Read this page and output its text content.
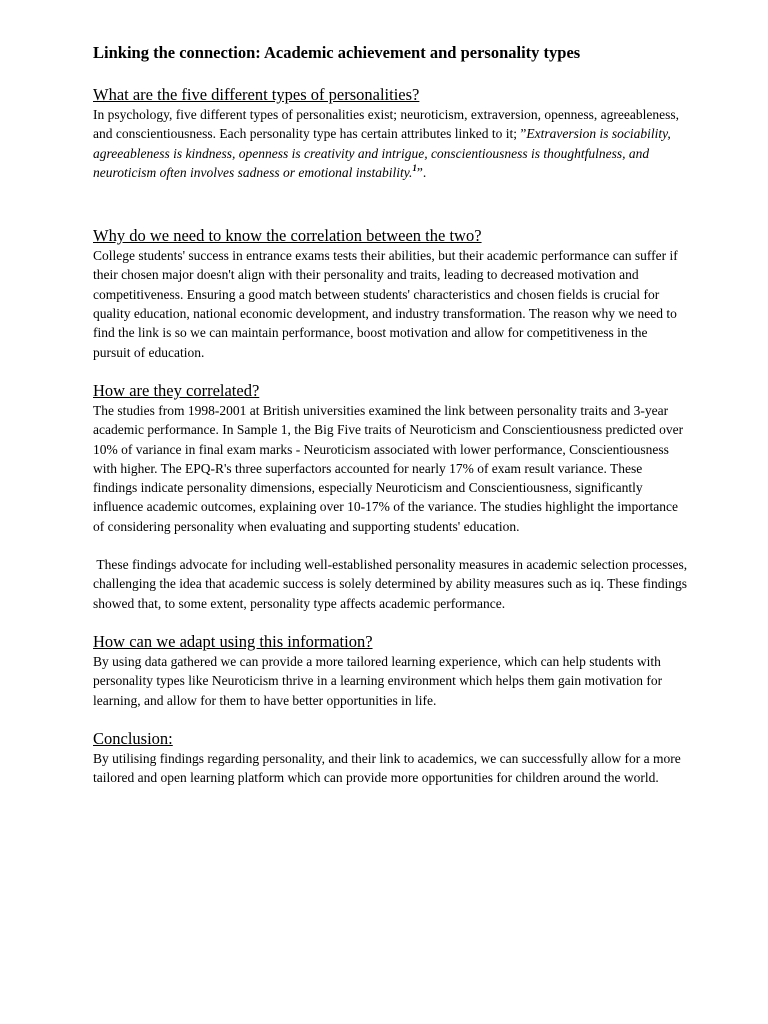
Linking the connection: Academic achievement and personality types
What are the five different types of personalities?

In psychology, five different types of personalities exist; neuroticism, extraversion, openness, agreeableness, and conscientiousness. Each personality type has certain attributes linked to it; ”Extraversion is sociability, agreeableness is kindness, openness is creativity and intrigue, conscientiousness is thoughtfulness, and neuroticism often involves sadness or emotional instability.$^1$”.

Why do we need to know the correlation between the two?

College students' success in entrance exams tests their abilities, but their academic performance can suffer if their chosen major doesn't align with their personality and traits, leading to decreased motivation and competitiveness. Ensuring a good match between students' characteristics and chosen fields is crucial for quality education, national economic development, and industry transformation. The reason why we need to find the link is so we can maintain performance, boost motivation and allow for competitiveness in the pursuit of education.

How are they correlated?

The studies from 1998-2001 at British universities examined the link between personality traits and 3-year academic performance. In Sample 1, the Big Five traits of Neuroticism and Conscientiousness predicted over 10% of variance in final exam marks - Neuroticism associated with lower performance, Conscientiousness with higher. The EPQ-R's three superfactors accounted for nearly 17% of exam result variance. These findings indicate personality dimensions, especially Neuroticism and Conscientiousness, significantly influence academic outcomes, explaining over 10-17% of the variance. The studies highlight the importance of considering personality when evaluating and supporting students' education.

These findings advocate for including well-established personality measures in academic selection processes, challenging the idea that academic success is solely determined by ability measures such as iq. These findings showed that, to some extent, personality type affects academic performance.

How can we adapt using this information?

By using data gathered we can provide a more tailored learning experience, which can help students with personality types like Neuroticism thrive in a learning environment which helps them gain motivation for learning, and allow for them to have better opportunities in life.

Conclusion:

By utilising findings regarding personality, and their link to academics, we can successfully allow for a more tailored and open learning platform which can provide more opportunities for children around the world.
